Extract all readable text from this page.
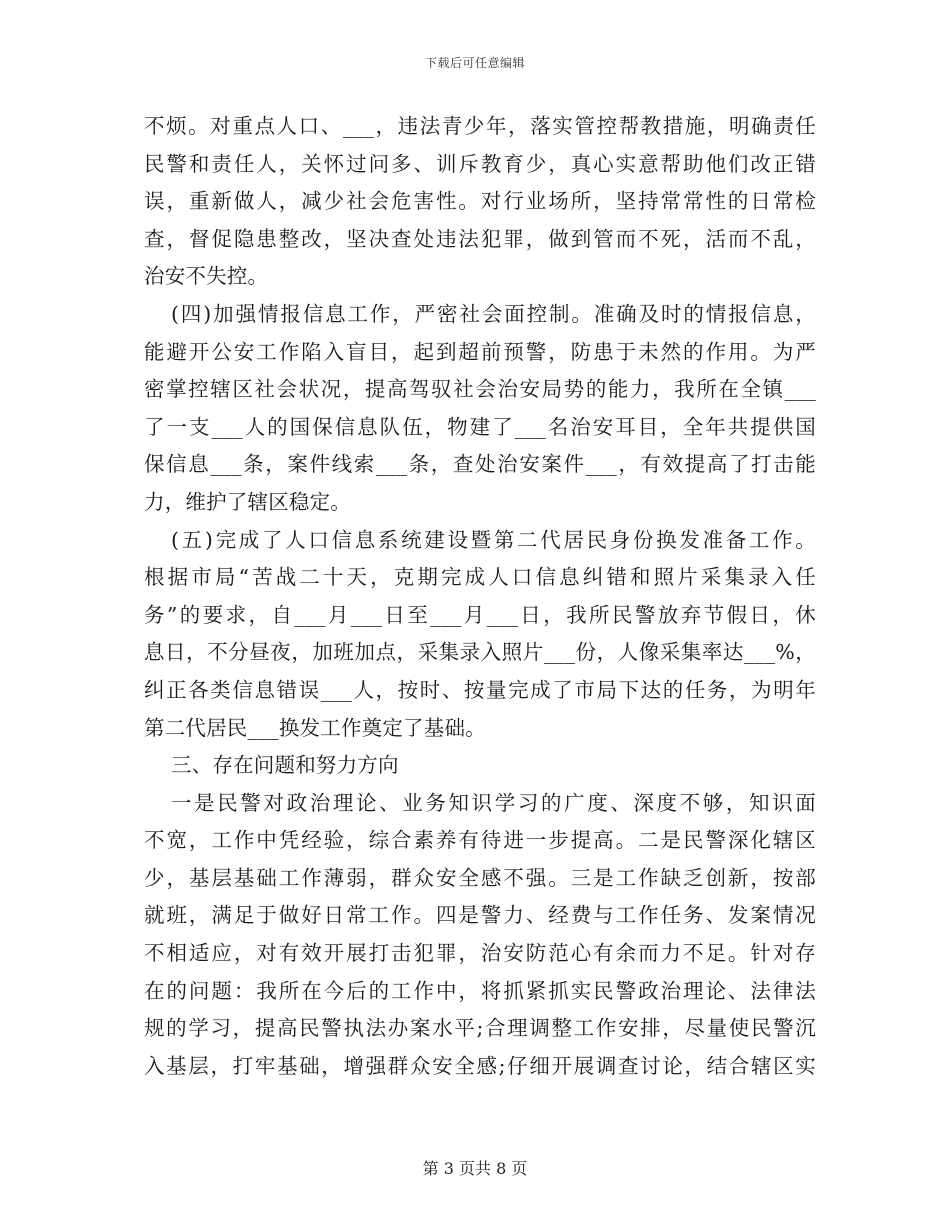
下载后可任意编辑
不烦。对重点人口、___，违法青少年，落实管控帮教措施，明确责任
民警和责任人，关怀过问多、训斥教育少，真心实意帮助他们改正错
误，重新做人，减少社会危害性。对行业场所，坚持常常性的日常检
查，督促隐患整改，坚决查处违法犯罪，做到管而不死，活而不乱，
治安不失控。
(四)加强情报信息工作，严密社会面控制。准确及时的情报信息，
能避开公安工作陷入盲目，起到超前预警，防患于未然的作用。为严
密掌控辖区社会状况，提高驾驭社会治安局势的能力，我所在全镇___
了一支___人的国保信息队伍，物建了___名治安耳目，全年共提供国
保信息___条，案件线索___条，查处治安案件___，有效提高了打击能
力，维护了辖区稳定。
(五)完成了人口信息系统建设暨第二代居民身份换发准备工作。
根据市局“苦战二十天，克期完成人口信息纠错和照片采集录入任
务”的要求，自___月___日至___月___日，我所民警放弃节假日，休
息日，不分昼夜，加班加点，采集录入照片___份，人像采集率达___%，
纠正各类信息错误___人，按时、按量完成了市局下达的任务，为明年
第二代居民___换发工作奠定了基础。
三、存在问题和努力方向
一是民警对政治理论、业务知识学习的广度、深度不够，知识面
不宽，工作中凭经验，综合素养有待进一步提高。二是民警深化辖区
少，基层基础工作薄弱，群众安全感不强。三是工作缺乏创新，按部
就班，满足于做好日常工作。四是警力、经费与工作任务、发案情况
不相适应，对有效开展打击犯罪，治安防范心有余而力不足。针对存
在的问题：我所在今后的工作中，将抓紧抓实民警政治理论、法律法
规的学习，提高民警执法办案水平;合理调整工作安排，尽量使民警沉
入基层，打牢基础，增强群众安全感;仔细开展调查讨论，结合辖区实
第 3 页共 8 页
